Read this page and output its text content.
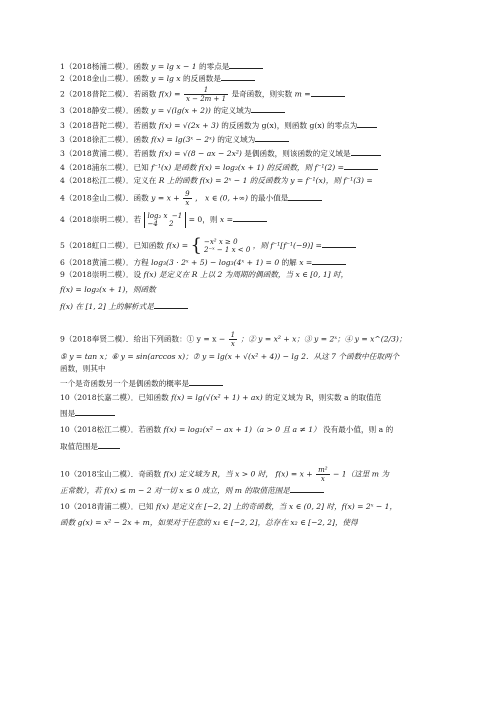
1（2018杨浦二模）．函数 y = lg x − 1 的零点是
2（2018金山二模）．函数 y = lg x 的反函数是
2（2018普陀二模）．若函数 $f(x) = \frac{1}{x - 2m + 1}$ 是奇函数，则实数 m =
3（2018静安二模）．函数 y = √(lg(x + 2)) 的定义域为
3（2018普陀二模）．若函数 f(x) = √(2x + 3) 的反函数为 g(x)，则函数 g(x) 的零点为
3（2018徐汇二模）．函数 f(x) = lg(3ˣ − 2ˣ) 的定义域为
3（2018黄浦二模）．若函数 f(x) = √(8 − ax − 2x²) 是偶函数，则该函数的定义域是
4（2018浦东二模）．已知 f⁻¹(x) 是函数 f(x) = log₂(x + 1) 的反函数，则 f⁻¹(2) =
4（2018松江二模）．定义在 R 上的函数 f(x) = 2ˣ − 1 的反函数为 y = f⁻¹(x)，则 f⁻¹(3) =
4（2018金山二模）．函数 $y = x + \frac{9}{x}$ ， x ∈ (0, +∞) 的最小值是
4（2018崇明二模）．若 log₂ x −1
−4 2	= 0，则 x =
5（2018虹口二模）．已知函数 f(x) = { −x² x ≥ 0
2⁻ˣ − 1 x < 0 ，则 f⁻¹[f⁻¹(−9)] =
6（2018黄浦二模）．方程 log₃(3 · 2ˣ + 5) − log₃(4ˣ + 1) = 0 的解 x =
9（2018崇明二模）．设 f(x) 是定义在 R 上以 2 为周期的偶函数，当 x ∈ [0, 1] 时，
f(x) = log₂(x + 1)，则函数
f(x) 在 [1, 2] 上的解析式是
9（2018奉贤二模）．给出下列函数：① $y = x - \frac{1}{x}$ ；② y = x² + x；③ y = 2ˣ；④ y = x^(2/3)；
⑤ y = tan x；⑥ y = sin(arccos x)；⑦ y = lg(x + √(x² + 4)) − lg 2．从这 7 个函数中任取两个
函数，则其中
一个是奇函数另一个是偶函数的概率是
10（2018长嘉二模）．已知函数 f(x) = lg(√(x² + 1) + ax) 的定义域为 R，则实数 a 的取值范
围是
10（2018松江二模）．若函数 f(x) = log₂(x² − ax + 1)（a > 0 且 a ≠ 1） 没有最小值，则 a 的
取值范围是
10（2018宝山二模）．奇函数 f(x) 定义域为 R，当 x > 0 时， $f(x) = x + \frac{\text{m²}}{x} - 1$（这里 m 为
正常数），若 f(x) ≤ m − 2 对一切 x ≤ 0 成立，则 m 的取值范围是
10（2018青浦二模）．已知 f(x) 是定义在 [−2, 2] 上的奇函数，当 x ∈ (0, 2] 时，f(x) = 2ˣ − 1，
函数 g(x) = x² − 2x + m，如果对于任意的 x₁ ∈ [−2, 2]，总存在 x₂ ∈ [−2, 2]，使得
